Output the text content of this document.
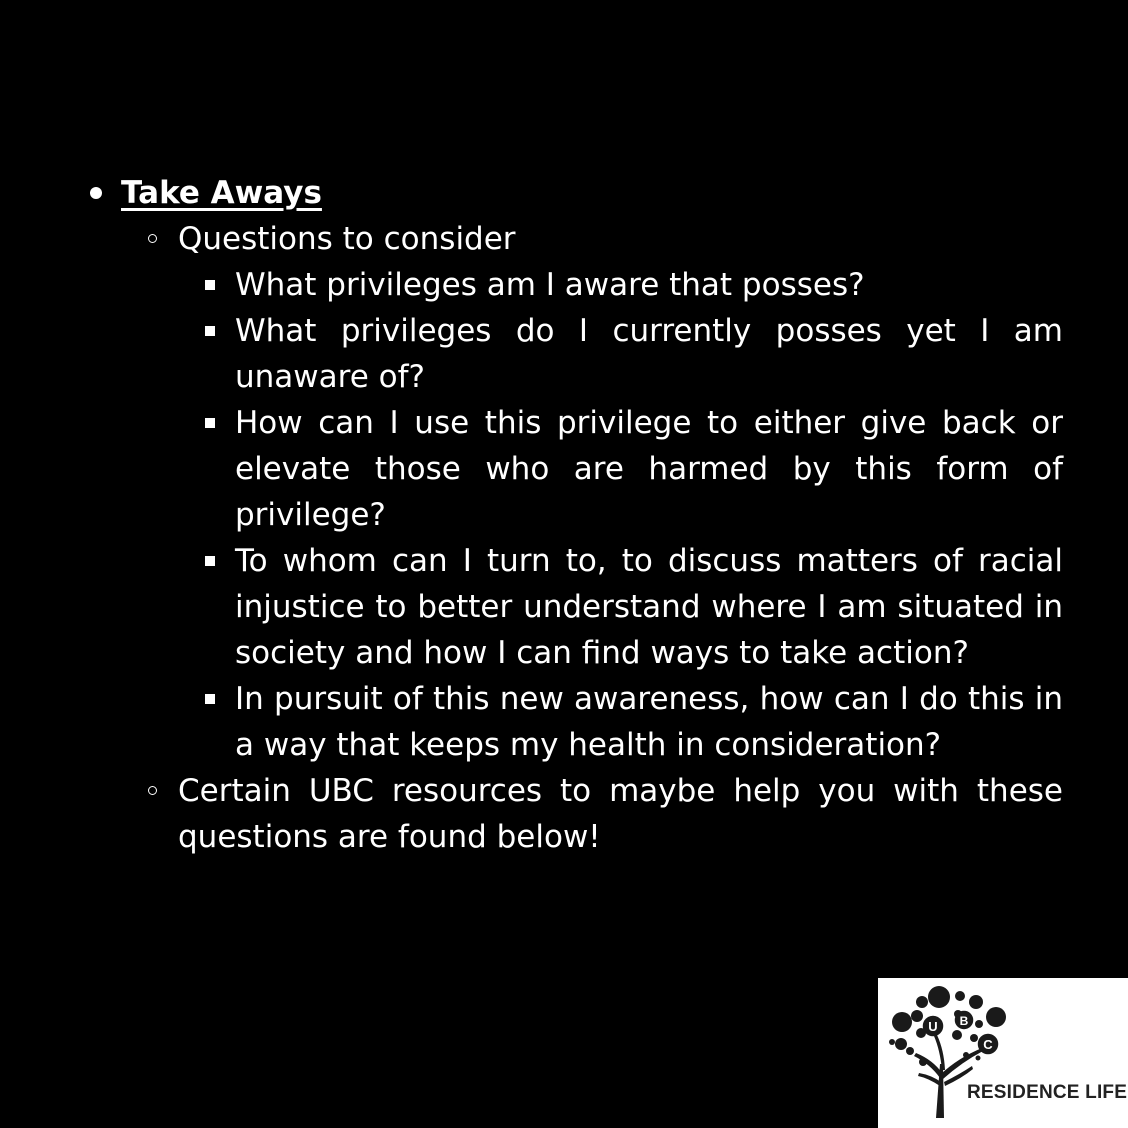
Take Aways
Questions to consider
What privileges am I aware that posses?
What privileges do I currently posses yet I am unaware of?
How can I use this privilege to either give back or elevate those who are harmed by this form of privilege?
To whom can I turn to, to discuss matters of racial injustice to better understand where I am situated in society and how I can find ways to take action?
In pursuit of this new awareness, how can I do this in a way that keeps my health in consideration?
Certain UBC resources to maybe help you with these questions are found below!
U B
C
RESIDENCE LIFE
